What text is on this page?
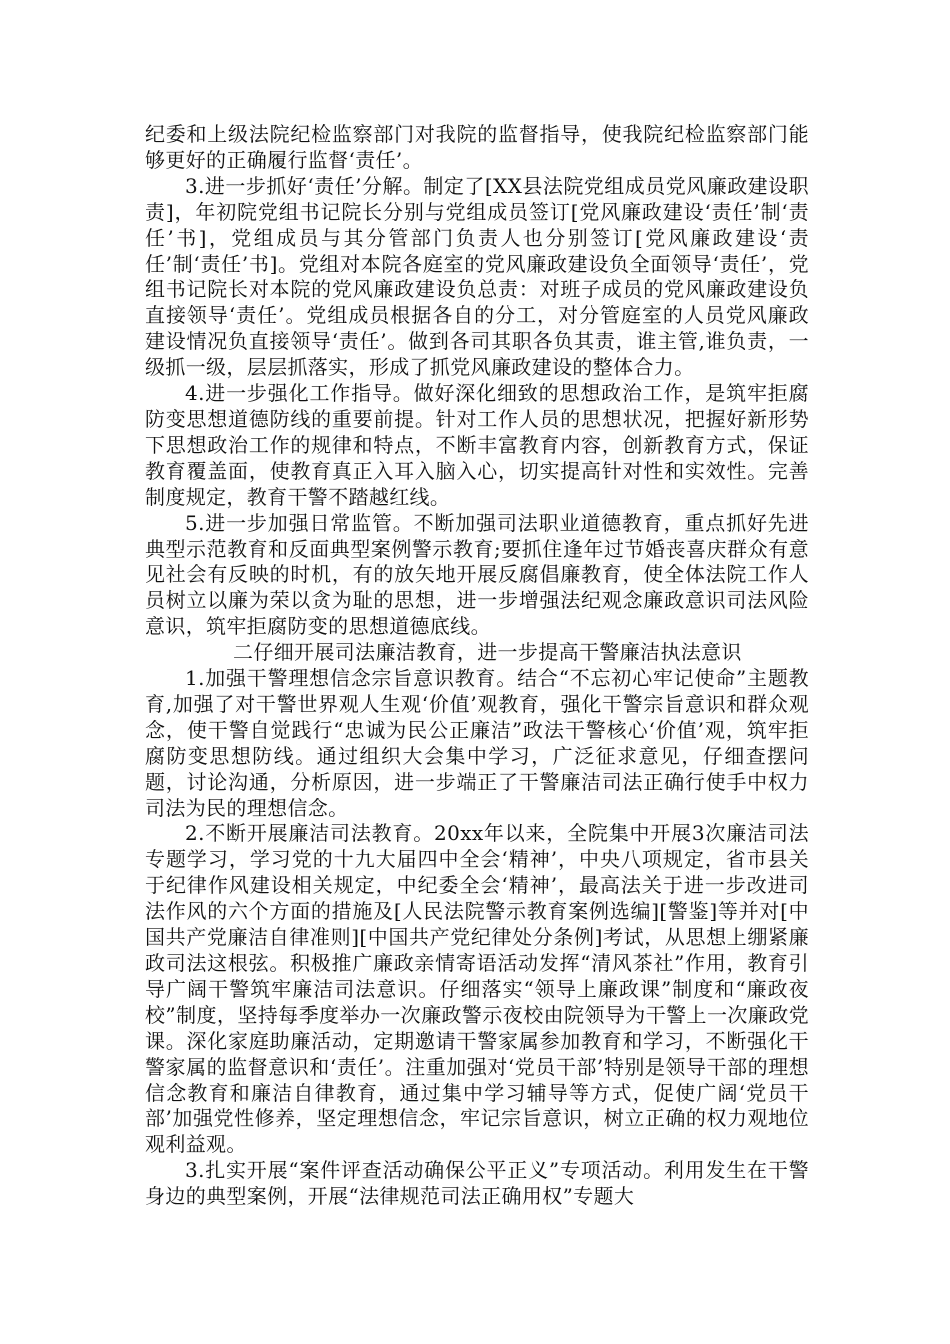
纪委和上级法院纪检监察部门对我院的监督指导，使我院纪检监察部门能够更好的正确履行监督‘责任’。

3.进一步抓好‘责任’分解。制定了[XX县法院党组成员党风廉政建设职责]，年初院党组书记院长分别与党组成员签订[党风廉政建设‘责任’制‘责任’书]，党组成员与其分管部门负责人也分别签订[党风廉政建设‘责任’制‘责任’书]。党组对本院各庭室的党风廉政建设负全面领导‘责任’，党组书记院长对本院的党风廉政建设负总责：对班子成员的党风廉政建设负直接领导‘责任’。党组成员根据各自的分工，对分管庭室的人员党风廉政建设情况负直接领导‘责任’。做到各司其职各负其责，谁主管,谁负责，一级抓一级，层层抓落实，形成了抓党风廉政建设的整体合力。

4.进一步强化工作指导。做好深化细致的思想政治工作，是筑牢拒腐防变思想道德防线的重要前提。针对工作人员的思想状况，把握好新形势下思想政治工作的规律和特点，不断丰富教育内容，创新教育方式，保证教育覆盖面，使教育真正入耳入脑入心，切实提高针对性和实效性。完善制度规定，教育干警不踏越红线。

5.进一步加强日常监管。不断加强司法职业道德教育，重点抓好先进典型示范教育和反面典型案例警示教育;要抓住逢年过节婚丧喜庆群众有意见社会有反映的时机，有的放矢地开展反腐倡廉教育，使全体法院工作人员树立以廉为荣以贪为耻的思想，进一步增强法纪观念廉政意识司法风险意识，筑牢拒腐防变的思想道德底线。

二仔细开展司法廉洁教育，进一步提高干警廉洁执法意识

1.加强干警理想信念宗旨意识教育。结合“不忘初心牢记使命”主题教育,加强了对干警世界观人生观‘价值’观教育，强化干警宗旨意识和群众观念，使干警自觉践行“忠诚为民公正廉洁”政法干警核心‘价值’观，筑牢拒腐防变思想防线。通过组织大会集中学习，广泛征求意见，仔细查摆问题，讨论沟通，分析原因，进一步端正了干警廉洁司法正确行使手中权力司法为民的理想信念。

2.不断开展廉洁司法教育。20xx年以来，全院集中开展3次廉洁司法专题学习，学习党的十九大届四中全会‘精神’，中央八项规定，省市县关于纪律作风建设相关规定，中纪委全会‘精神’，最高法关于进一步改进司法作风的六个方面的措施及[人民法院警示教育案例选编][警鉴]等并对[中国共产党廉洁自律准则][中国共产党纪律处分条例]考试，从思想上绷紧廉政司法这根弦。积极推广廉政亲情寄语活动发挥“清风茶社”作用，教育引导广阔干警筑牢廉洁司法意识。仔细落实“领导上廉政课”制度和“廉政夜校”制度，坚持每季度举办一次廉政警示夜校由院领导为干警上一次廉政党课。深化家庭助廉活动，定期邀请干警家属参加教育和学习，不断强化干警家属的监督意识和‘责任’。注重加强对‘党员干部’特别是领导干部的理想信念教育和廉洁自律教育，通过集中学习辅导等方式，促使广阔‘党员干部’加强党性修养，坚定理想信念，牢记宗旨意识，树立正确的权力观地位观利益观。

3.扎实开展“案件评查活动确保公平正义”专项活动。利用发生在干警身边的典型案例，开展“法律规范司法正确用权”专题大
